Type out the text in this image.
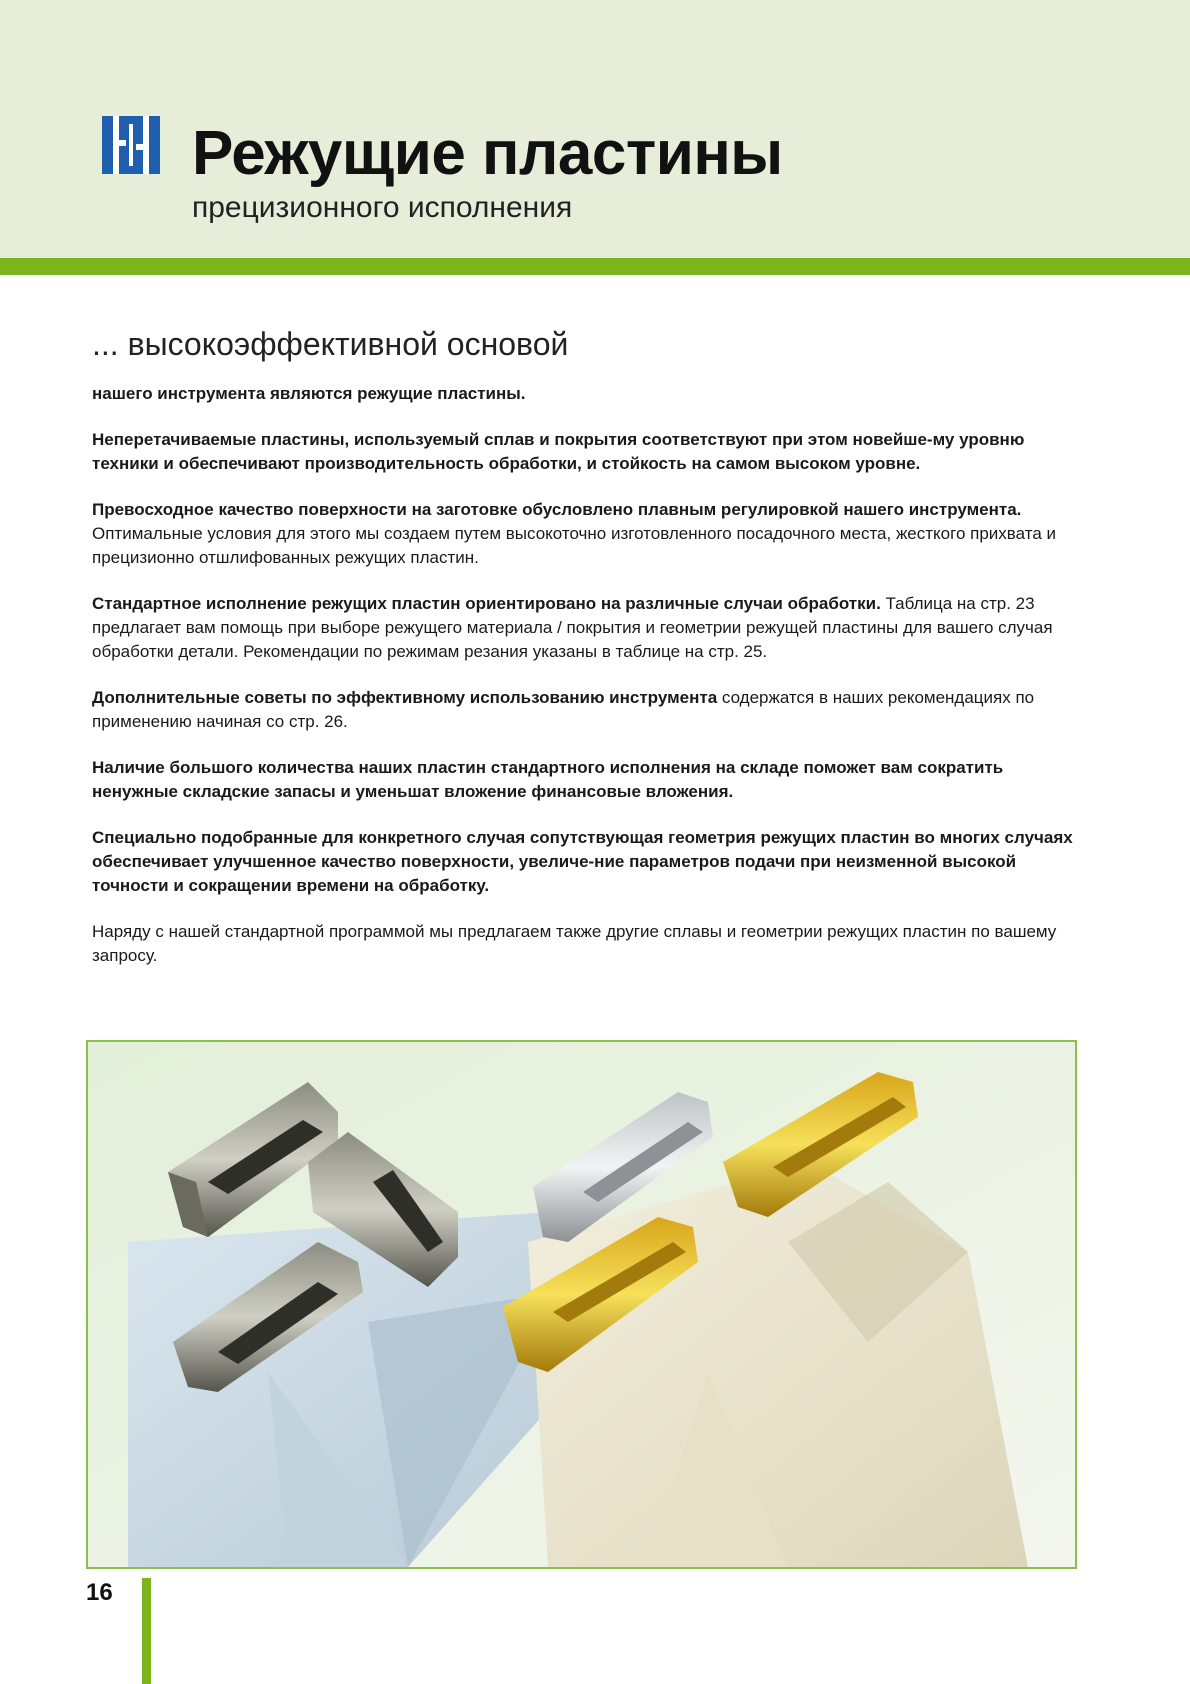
Режущие пластины
прецизионного исполнения
... высокоэффективной основой

нашего инструмента являются режущие пластины.

Неперетачиваемые пластины, используемый сплав и покрытия соответствуют при этом новейше-му уровню техники и обеспечивают производительность обработки, и стойкость на самом высоком уровне.

Превосходное качество поверхности на заготовке обусловлено плавным регулировкой нашего инструмента. Оптимальные условия для этого мы создаем путем высокоточно изготовленного посадочного места, жесткого прихвата и прецизионно отшлифованных режущих пластин.

Стандартное исполнение режущих пластин ориентировано на различные случаи обработки. Таблица на стр. 23 предлагает вам помощь при выборе режущего материала / покрытия и геометрии режущей пластины для вашего случая обработки детали. Рекомендации по режимам резания указаны в таблице на стр. 25.

Дополнительные советы по эффективному использованию инструмента содержатся в наших рекомендациях по применению начиная со стр. 26.

Наличие большого количества наших пластин стандартного исполнения на складе поможет вам сократить ненужные складские запасы и уменьшат вложение финансовые вложения.

Специально подобранные для конкретного случая сопутствующая геометрия режущих пластин во многих случаях обеспечивает улучшенное качество поверхности, увеличе-ние параметров подачи при неизменной высокой точности и сокращении времени на обработку.

Наряду с нашей стандартной программой мы предлагаем также другие сплавы и геометрии режущих пластин по вашему запросу.

16
